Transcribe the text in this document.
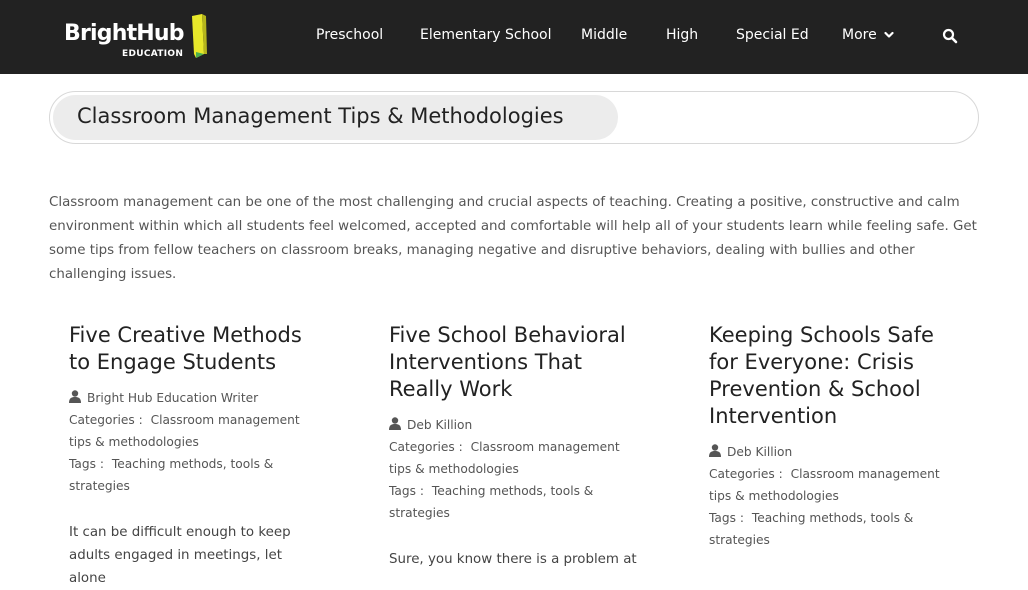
BrightHub
EDUCATION
Preschool	Elementary School Middle	High	Special Ed More
Classroom Management Tips & Methodologies

Classroom management can be one of the most challenging and crucial aspects of teaching. Creating a positive, constructive and calm environment within which all students feel welcomed, accepted and comfortable will help all of your students learn while feeling safe. Get some tips from fellow teachers on classroom breaks, managing negative and disruptive behaviors, dealing with bullies and other challenging issues.

Five Creative Methods to Engage Students
Bright Hub Education Writer
Categories : Classroom management tips & methodologies
Tags : Teaching methods, tools & strategies

It can be difficult enough to keep adults engaged in meetings, let alone

Five School Behavioral Interventions That Really Work
Deb Killion
Categories : Classroom management tips & methodologies
Tags : Teaching methods, tools & strategies

Sure, you know there is a problem at

Keeping Schools Safe for Everyone: Crisis Prevention & School Intervention
Deb Killion
Categories : Classroom management tips & methodologies
Tags : Teaching methods, tools & strategies
